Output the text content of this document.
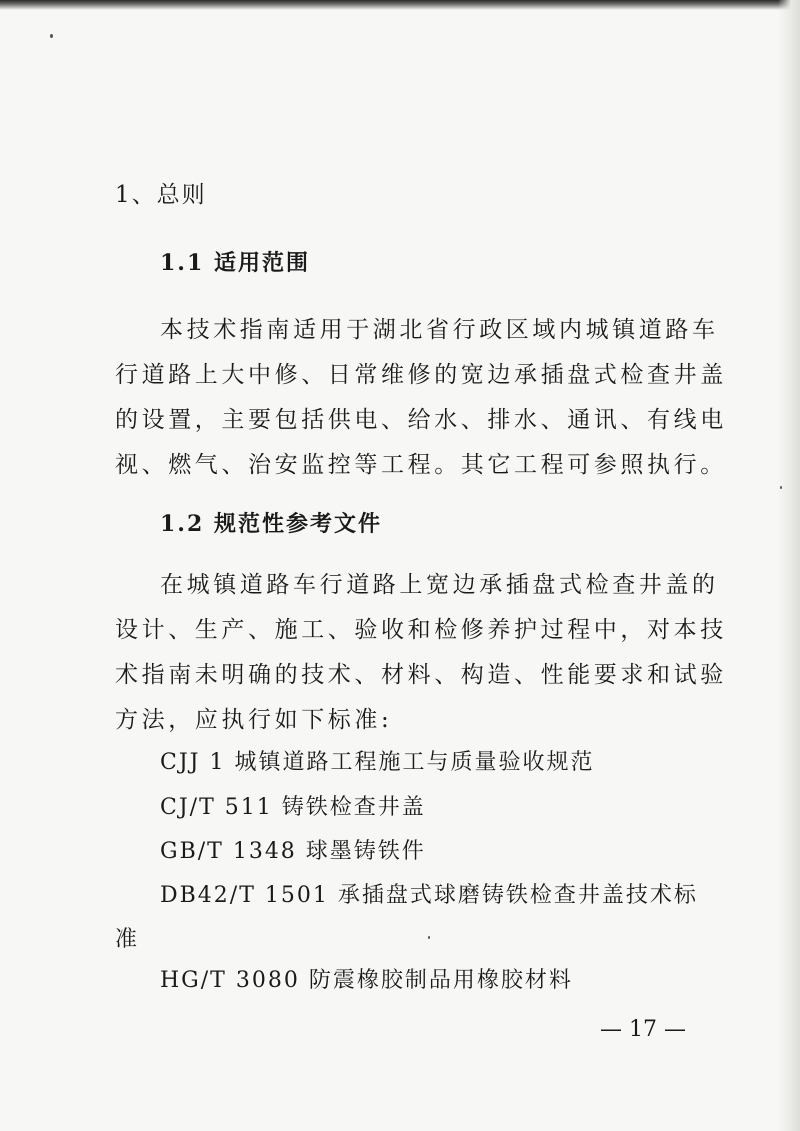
1、总则
1.1 适用范围
本技术指南适用于湖北省行政区域内城镇道路车
行道路上大中修、日常维修的宽边承插盘式检查井盖
的设置，主要包括供电、给水、排水、通讯、有线电
视、燃气、治安监控等工程。其它工程可参照执行。
1.2 规范性参考文件
在城镇道路车行道路上宽边承插盘式检查井盖的
设计、生产、施工、验收和检修养护过程中，对本技
术指南未明确的技术、材料、构造、性能要求和试验
方法，应执行如下标准:
CJJ 1 城镇道路工程施工与质量验收规范
CJ/T 511 铸铁检查井盖
GB/T 1348 球墨铸铁件
DB42/T 1501 承插盘式球磨铸铁检查井盖技术标
准
HG/T 3080 防震橡胶制品用橡胶材料
— 17 —
